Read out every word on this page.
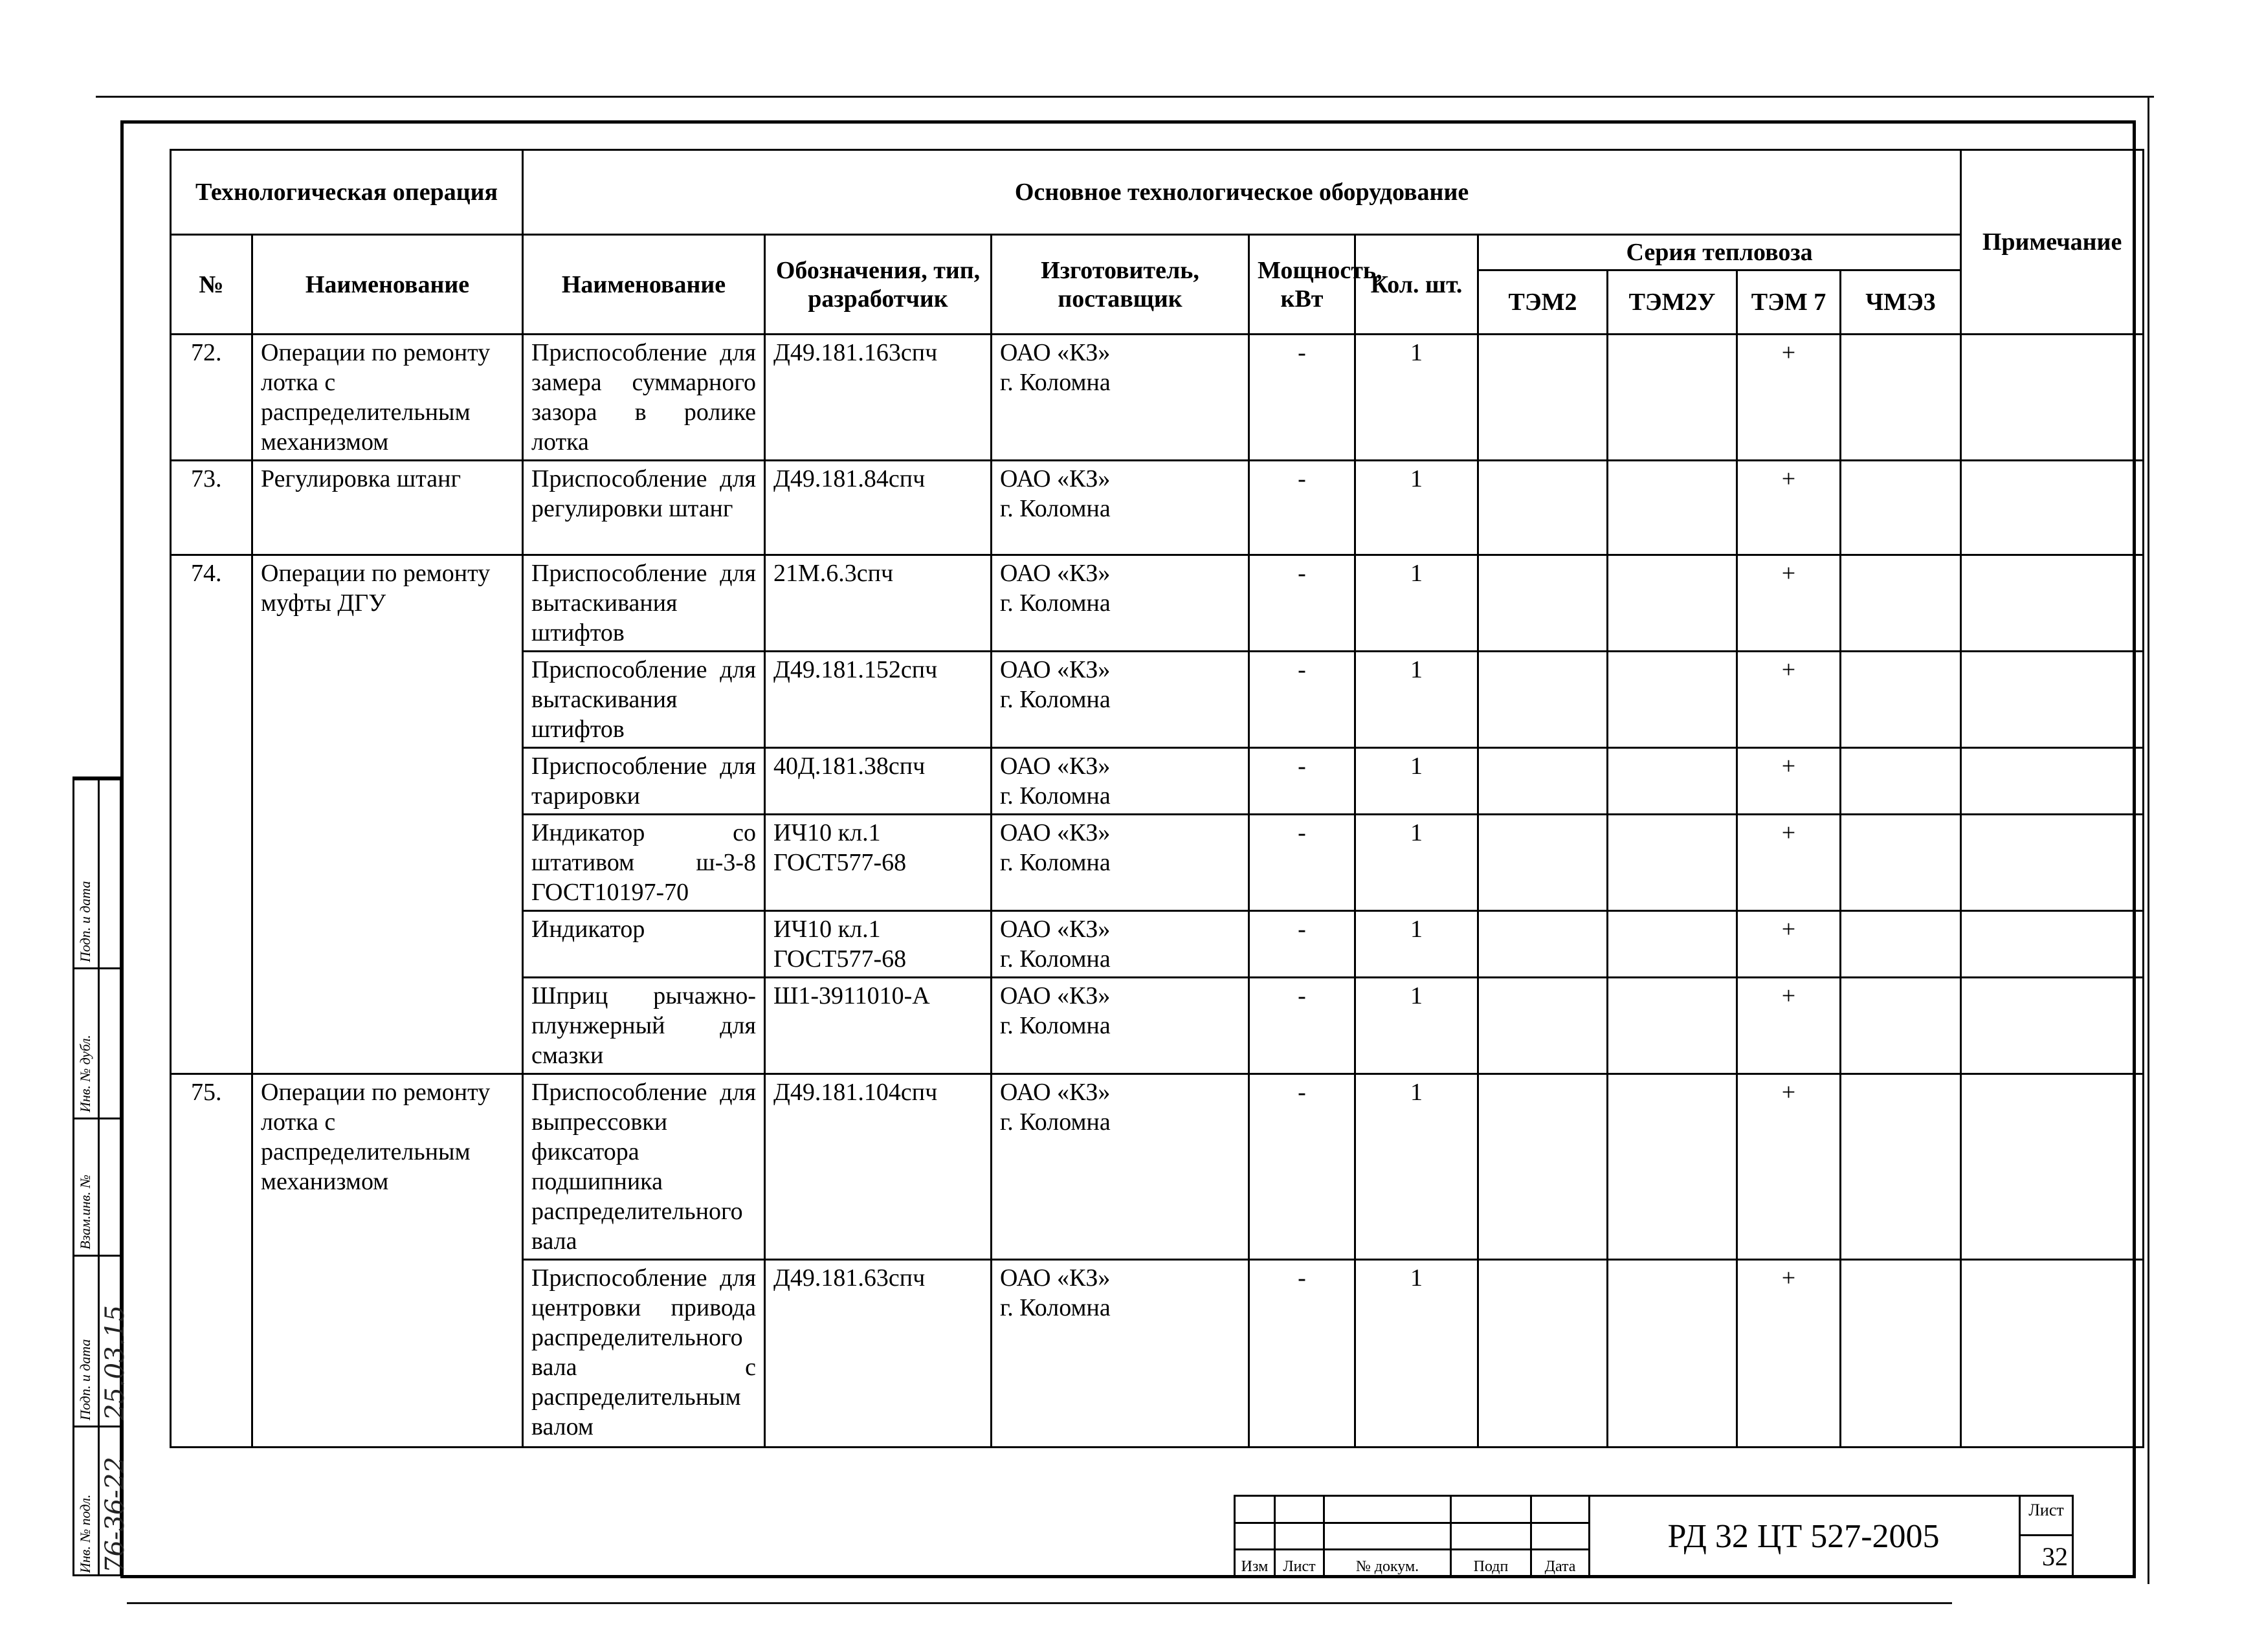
Технологическая операция		Основное технологическое оборудование									Примечание
№	Наименование	Наименование	Обозначения, тип, разработчик	Изготовитель, поставщик	Мощность, кВт	Кол. шт.	Серия тепловоза				
							ТЭМ2	ТЭМ2У	ТЭМ 7	ЧМЭ3	
72.	Операции по ремонту лотка с распределительным механизмом	Приспособление для замера суммарного зазора в ролике лотка	Д49.181.163спч	ОАО «КЗ»
г. Коломна	-	1			+		
73.	Регулировка штанг	Приспособление для регулировки штанг	Д49.181.84спч	ОАО «КЗ»
г. Коломна	-	1			+		
74.	Операции по ремонту муфты ДГУ	Приспособление для вытаскивания штифтов	21М.6.3спч	ОАО «КЗ»
г. Коломна	-	1			+		
		Приспособление для вытаскивания штифтов	Д49.181.152спч	ОАО «КЗ»
г. Коломна	-	1			+		
		Приспособление для тарировки	40Д.181.38спч	ОАО «КЗ»
г. Коломна	-	1			+		
		Индикатор со штативом ш-3-8 ГОСТ10197-70	ИЧ10 кл.1 ГОСТ577-68	ОАО «КЗ»
г. Коломна	-	1			+		
		Индикатор	ИЧ10 кл.1 ГОСТ577-68	ОАО «КЗ»
г. Коломна	-	1			+		
		Шприц рычажно-плунжерный для смазки	Ш1-3911010-А	ОАО «КЗ»
г. Коломна	-	1			+		
75.	Операции по ремонту лотка с распределительным механизмом	Приспособление для выпрессовки фиксатора подшипника распределительного вала	Д49.181.104спч	ОАО «КЗ»
г. Коломна	-	1			+		
		Приспособление для центровки привода распределительного вала с распределительным валом	Д49.181.63спч	ОАО «КЗ»
г. Коломна	-	1			+		
Подп. и дата
Инв. № дубл.
Взам.инв. №
Подп. и дата 25.03.15
Инв. № подл. 76-36-22

					Изм	Лист	№ докум.	Подп	Дата
РД 32 ЦТ 527-2005
Лист
32
